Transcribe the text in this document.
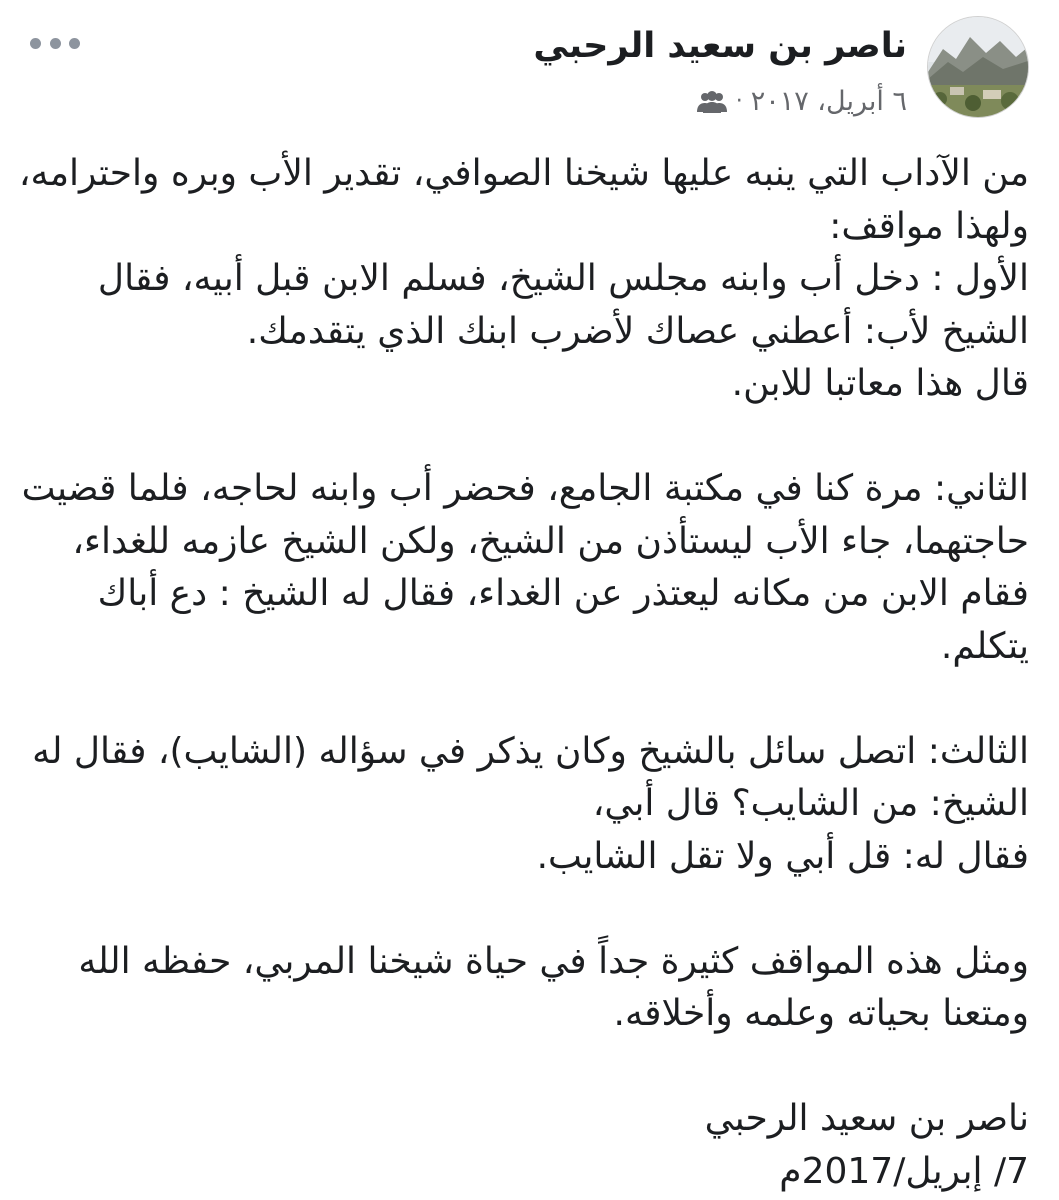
ناصر بن سعيد الرحبي
٦ أبريل، ٢٠١٧
·

من الآداب التي ينبه عليها شيخنا الصوافي، تقدير الأب وبره واحترامه،

ولهذا مواقف:

الأول : دخل أب وابنه مجلس الشيخ، فسلم الابن قبل أبيه، فقال

الشيخ لأب: أعطني عصاك لأضرب ابنك الذي يتقدمك.

قال هذا معاتبا للابن.

الثاني: مرة كنا في مكتبة الجامع، فحضر أب وابنه لحاجه، فلما قضيت

حاجتهما، جاء الأب ليستأذن من الشيخ، ولكن الشيخ عازمه للغداء،

فقام الابن من مكانه ليعتذر عن الغداء، فقال له الشيخ : دع أباك

يتكلم.

الثالث: اتصل سائل بالشيخ وكان يذكر في سؤاله (الشايب)، فقال له

الشيخ: من الشايب؟ قال أبي،

فقال له: قل أبي ولا تقل الشايب.

ومثل هذه المواقف كثيرة جداً في حياة شيخنا المربي، حفظه الله

ومتعنا بحياته وعلمه وأخلاقه.

ناصر بن سعيد الرحبي

7/ إبريل/2017م
